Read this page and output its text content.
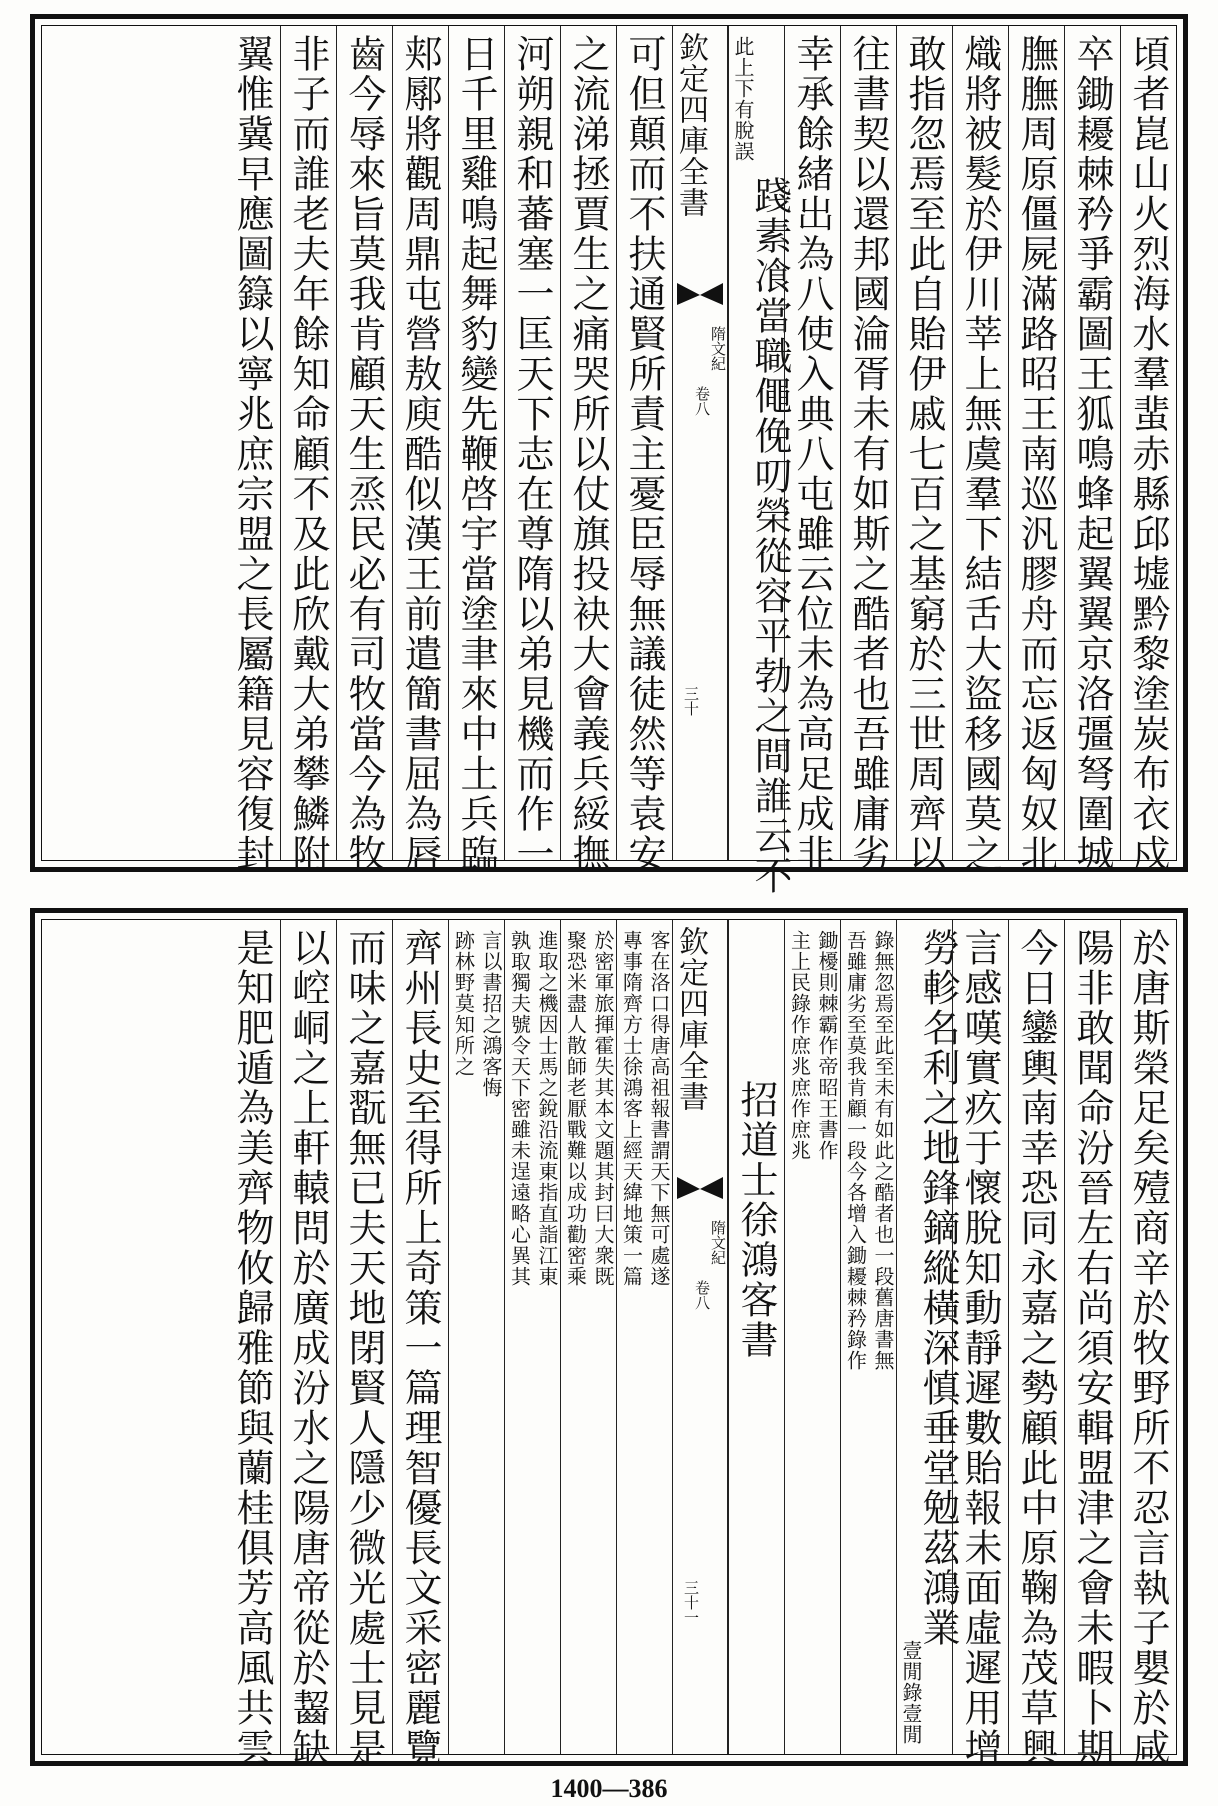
頃者崑山火烈海水羣蜚赤縣邱墟黔黎塗炭布衣戍
卒鋤耰棘矜爭霸圖王狐鳴蜂起翼翼京洛彊弩圍城
膴膴周原僵屍滿路昭王南巡汎膠舟而忘返匈奴北
熾將被髮於伊川莘上無虞羣下結舌大盜移國莫之
敢指忽焉至此自貽伊戚七百之基窮於三世周齊以
往書契以還邦國淪胥未有如斯之酷者也吾雖庸劣
幸承餘緒出為八使入典八屯雖云位未為高足成非
此上下有脫誤
踐素飡當職僶俛叨榮從容平勃之間誰云不
欽定四庫全書
隋文紀
卷八
三十
可但顛而不扶通賢所責主憂臣辱無議徒然等袁安
之流涕拯賈生之痛哭所以仗旗投袂大會義兵綏撫
河朔親和蕃塞一匡天下志在尊隋以弟見機而作一
日千里雞鳴起舞豹變先鞭啓宇當塗聿來中土兵臨
郏鄏將觀周鼎屯營敖庾酷似漢王前遣簡書屈為唇
齒今辱來旨莫我肯顧天生烝民必有司牧當今為牧
非子而誰老夫年餘知命顧不及此欣戴大弟攀鱗附
翼惟冀早應圖籙以寧兆庶宗盟之長屬籍見容復封
於唐斯榮足矣殪商辛於牧野所不忍言執子嬰於咸
陽非敢聞命汾晉左右尚須安輯盟津之會未暇卜期
今日鑾輿南幸恐同永嘉之勢顧此中原鞠為茂草興
言感嘆實疚于懷脫知動靜遲數貽報未面虛遲用增
壹閒錄壹閒
勞軫名利之地鋒鏑縱橫深慎垂堂勉茲鴻業
錄無忽焉至此至未有如此之酷者也一段舊唐書無
吾雖庸劣至莫我肯顧一段今各增入鋤耰棘矜錄作
鋤櫌則棘霸作帝昭王書作
主上民錄作庶兆庶作庶兆
招道士徐鴻客書
欽定四庫全書
隋文紀
卷八
三十一
客在洛口得唐高祖報書謂天下無可處遂
專事隋齊方士徐鴻客上經天緯地策一篇
於密軍旅揮霍失其本文題其封曰大衆既
聚恐米盡人散師老厭戰難以成功勸密乘
進取之機因士馬之銳沿流東指直詣江東
孰取獨夫號令天下密雖未逞遠略心異其
言以書招之鴻客悔
跡林野莫知所之
齊州長史至得所上奇策一篇理智優長文采密麗覽
而味之嘉翫無已夫天地閉賢人隱少微光處士見是
以崆峒之上軒轅問於廣成汾水之陽唐帝從於齧缺
是知肥遁為美齊物攸歸雅節與蘭桂俱芳高風共雲
1400—386
